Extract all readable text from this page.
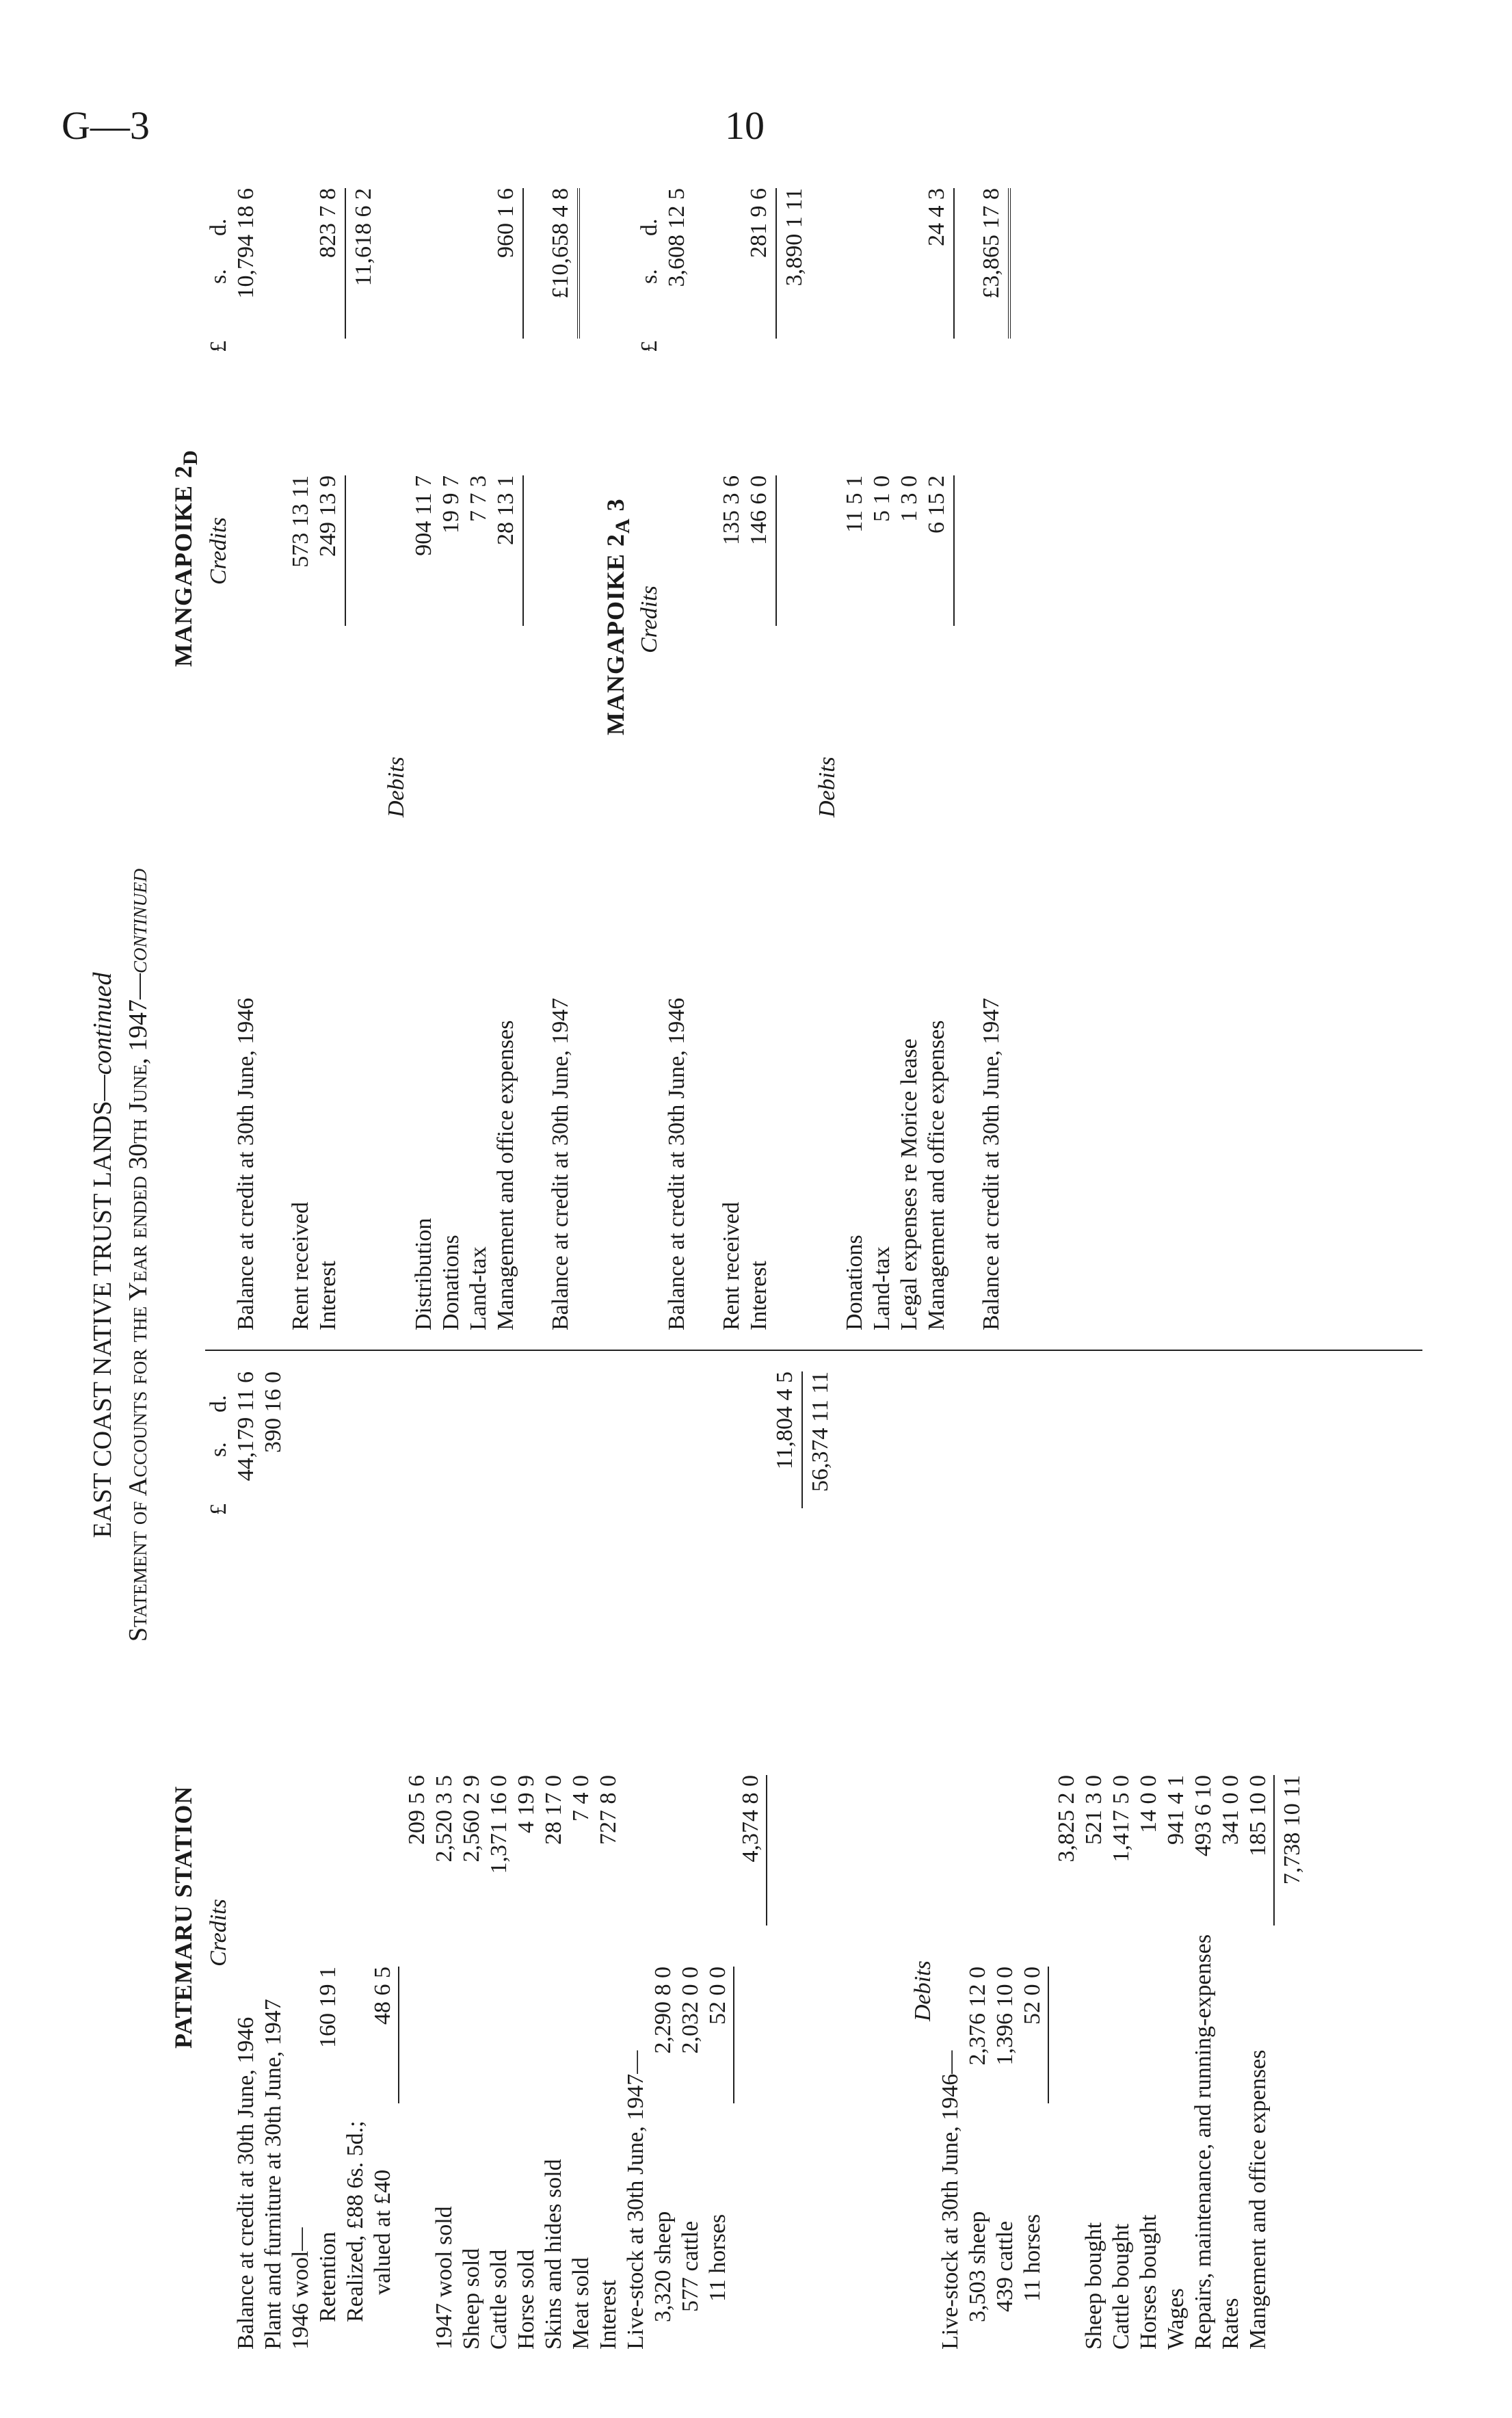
G—3	10
EAST COAST NATIVE TRUST LANDS—continued Statement of Accounts for the Year ended 30th June, 1947—continued
PATEMARU STATION Credits
£
s.
d.
Balance at credit at 30th June, 1946
44,179 11 6
Plant and furniture at 30th June, 1947
390 16 0
1946 wool— Retention
160 19 1
Realized, £88 6s. 5d.; valued at £40
48 6 5
209 5 6
1947 wool sold
2,520 3 5
Sheep sold
2,560 2 9
Cattle sold
1,371 16 0
Horse sold
4 19 9
Skins and hides sold
28 17 0
Meat sold
7 4 0
Interest
727 8 0
Live-stock at 30th June, 1947— 3,320 sheep
2,290 8 0
577 cattle
2,032 0 0
11 horses
52 0 0
4,374 8 0
11,804 4 5 56,374 11 11
Debits
Live-stock at 30th June, 1946— 3,503 sheep
2,376 12 0
439 cattle
1,396 10 0
11 horses
52 0 0
3,825 2 0
Sheep bought
521 3 0
Cattle bought
1,417 5 0
Horses bought
14 0 0
Wages
941 4 1
Repairs, maintenance, and running-expenses
493 6 10
Rates
341 0 0
Mangement and office expenses
185 10 0 7,738 10 11
MANGAPOIKE $2_D$
Credits
£
s.
d.
Balance at credit at 30th June, 1946
10,794 18 6
Rent received
573 13 11
Interest
249 13 9
823 7 8 11,618 6 2
Debits
Distribution
904 11 7
Donations
19 9 7
Land-tax
7 7 3
Management and office expenses
28 13 1
960 1 6
Balance at credit at 30th June, 1947
£10,658 4 8
MANGAPOIKE $2_A$ 3
Credits
£
s.
d.
Balance at credit at 30th June, 1946
3,608 12 5
Rent received
135 3 6
Interest
146 6 0
281 9 6 3,890 1 11
Debits
Donations
11 5 1
Land-tax
5 1 0
Legal expenses re Morice lease
1 3 0
Management and office expenses
6 15 2
24 4 3
Balance at credit at 30th June, 1947
£3,865 17 8
